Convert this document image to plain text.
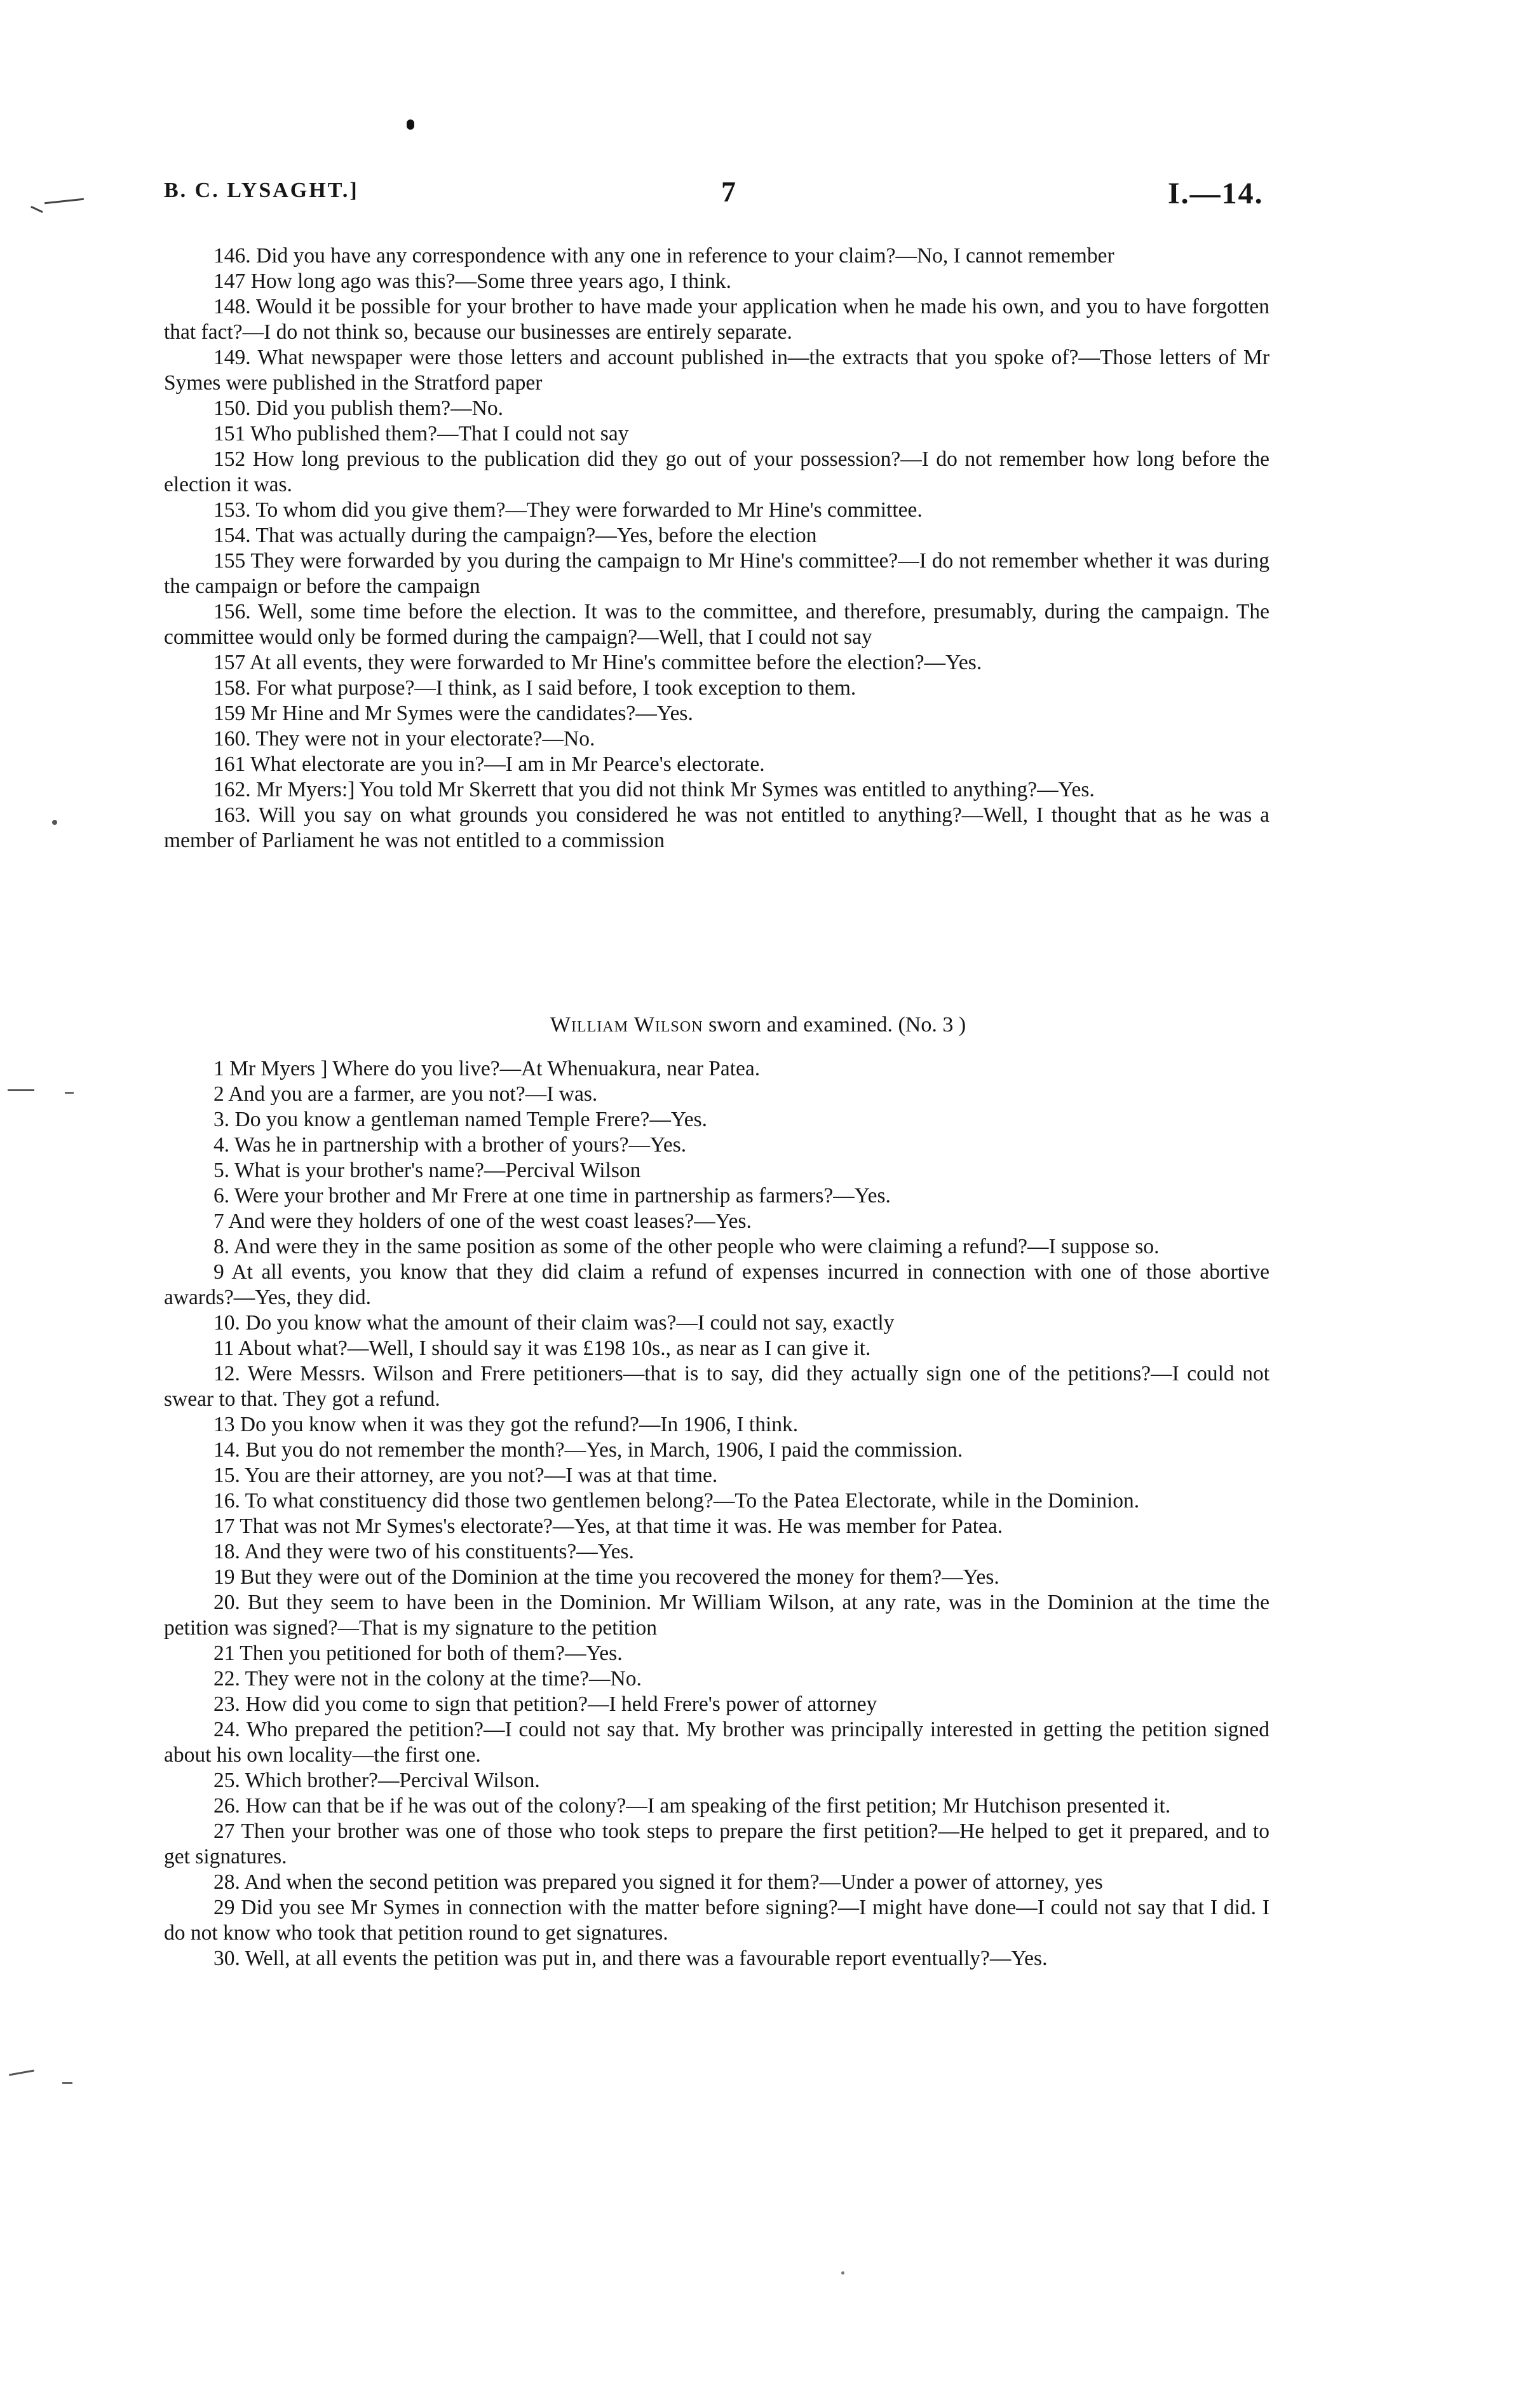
B. C. LYSAGHT.]	7	I.—14.

146. Did you have any correspondence with any one in reference to your claim?—No, I cannot remember

147 How long ago was this?—Some three years ago, I think.

148. Would it be possible for your brother to have made your application when he made his own, and you to have forgotten that fact?—I do not think so, because our businesses are entirely separate.

149. What newspaper were those letters and account published in—the extracts that you spoke of?—Those letters of Mr Symes were published in the Stratford paper

150. Did you publish them?—No.

151 Who published them?—That I could not say

152 How long previous to the publication did they go out of your possession?—I do not remember how long before the election it was.

153. To whom did you give them?—They were forwarded to Mr Hine's committee.

154. That was actually during the campaign?—Yes, before the election

155 They were forwarded by you during the campaign to Mr Hine's committee?—I do not remember whether it was during the campaign or before the campaign

156. Well, some time before the election. It was to the committee, and therefore, presumably, during the campaign. The committee would only be formed during the campaign?—Well, that I could not say

157 At all events, they were forwarded to Mr Hine's committee before the election?—Yes.

158. For what purpose?—I think, as I said before, I took exception to them.

159 Mr Hine and Mr Symes were the candidates?—Yes.

160. They were not in your electorate?—No.

161 What electorate are you in?—I am in Mr Pearce's electorate.

162. Mr Myers:] You told Mr Skerrett that you did not think Mr Symes was entitled to anything?—Yes.

163. Will you say on what grounds you considered he was not entitled to anything?—Well, I thought that as he was a member of Parliament he was not entitled to a commission

William Wilson sworn and examined. (No. 3 )

1 Mr Myers ] Where do you live?—At Whenuakura, near Patea.

2 And you are a farmer, are you not?—I was.

3. Do you know a gentleman named Temple Frere?—Yes.

4. Was he in partnership with a brother of yours?—Yes.

5. What is your brother's name?—Percival Wilson

6. Were your brother and Mr Frere at one time in partnership as farmers?—Yes.

7 And were they holders of one of the west coast leases?—Yes.

8. And were they in the same position as some of the other people who were claiming a refund?—I suppose so.

9 At all events, you know that they did claim a refund of expenses incurred in connection with one of those abortive awards?—Yes, they did.

10. Do you know what the amount of their claim was?—I could not say, exactly

11 About what?—Well, I should say it was £198 10s., as near as I can give it.

12. Were Messrs. Wilson and Frere petitioners—that is to say, did they actually sign one of the petitions?—I could not swear to that. They got a refund.

13 Do you know when it was they got the refund?—In 1906, I think.

14. But you do not remember the month?—Yes, in March, 1906, I paid the commission.

15. You are their attorney, are you not?—I was at that time.

16. To what constituency did those two gentlemen belong?—To the Patea Electorate, while in the Dominion.

17 That was not Mr Symes's electorate?—Yes, at that time it was. He was member for Patea.

18. And they were two of his constituents?—Yes.

19 But they were out of the Dominion at the time you recovered the money for them?—Yes.

20. But they seem to have been in the Dominion. Mr William Wilson, at any rate, was in the Dominion at the time the petition was signed?—That is my signature to the petition

21 Then you petitioned for both of them?—Yes.

22. They were not in the colony at the time?—No.

23. How did you come to sign that petition?—I held Frere's power of attorney

24. Who prepared the petition?—I could not say that. My brother was principally interested in getting the petition signed about his own locality—the first one.

25. Which brother?—Percival Wilson.

26. How can that be if he was out of the colony?—I am speaking of the first petition; Mr Hutchison presented it.

27 Then your brother was one of those who took steps to prepare the first petition?—He helped to get it prepared, and to get signatures.

28. And when the second petition was prepared you signed it for them?—Under a power of attorney, yes

29 Did you see Mr Symes in connection with the matter before signing?—I might have done—I could not say that I did. I do not know who took that petition round to get signatures.

30. Well, at all events the petition was put in, and there was a favourable report eventually?—Yes.
